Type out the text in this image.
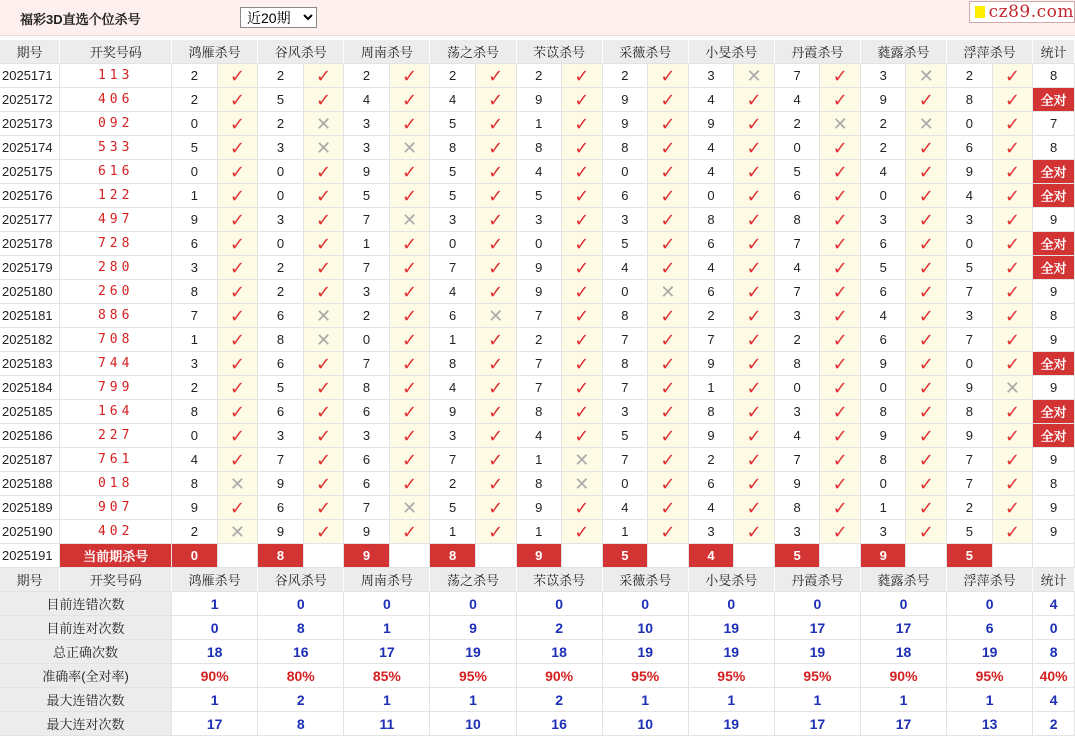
福彩3D直选个位杀号
近20期	cz89.com
期号	开奖号码	鸿雁杀号		谷风杀号		周南杀号		荡之杀号		芣苡杀号		采薇杀号		小旻杀号		丹霞杀号		蕤露杀号		浮萍杀号		统计
2025171	113	2	✓	2	✓	2	✓	2	✓	2	✓	2	✓	3	✕	7	✓	3	✕	2	✓	8
2025172	406	2	✓	5	✓	4	✓	4	✓	9	✓	9	✓	4	✓	4	✓	9	✓	8	✓	全对
2025173	092	0	✓	2	✕	3	✓	5	✓	1	✓	9	✓	9	✓	2	✕	2	✕	0	✓	7
2025174	533	5	✓	3	✕	3	✕	8	✓	8	✓	8	✓	4	✓	0	✓	2	✓	6	✓	8
2025175	616	0	✓	0	✓	9	✓	5	✓	4	✓	0	✓	4	✓	5	✓	4	✓	9	✓	全对
2025176	122	1	✓	0	✓	5	✓	5	✓	5	✓	6	✓	0	✓	6	✓	0	✓	4	✓	全对
2025177	497	9	✓	3	✓	7	✕	3	✓	3	✓	3	✓	8	✓	8	✓	3	✓	3	✓	9
2025178	728	6	✓	0	✓	1	✓	0	✓	0	✓	5	✓	6	✓	7	✓	6	✓	0	✓	全对
2025179	280	3	✓	2	✓	7	✓	7	✓	9	✓	4	✓	4	✓	4	✓	5	✓	5	✓	全对
2025180	260	8	✓	2	✓	3	✓	4	✓	9	✓	0	✕	6	✓	7	✓	6	✓	7	✓	9
2025181	886	7	✓	6	✕	2	✓	6	✕	7	✓	8	✓	2	✓	3	✓	4	✓	3	✓	8
2025182	708	1	✓	8	✕	0	✓	1	✓	2	✓	7	✓	7	✓	2	✓	6	✓	7	✓	9
2025183	744	3	✓	6	✓	7	✓	8	✓	7	✓	8	✓	9	✓	8	✓	9	✓	0	✓	全对
2025184	799	2	✓	5	✓	8	✓	4	✓	7	✓	7	✓	1	✓	0	✓	0	✓	9	✕	9
2025185	164	8	✓	6	✓	6	✓	9	✓	8	✓	3	✓	8	✓	3	✓	8	✓	8	✓	全对
2025186	227	0	✓	3	✓	3	✓	3	✓	4	✓	5	✓	9	✓	4	✓	9	✓	9	✓	全对
2025187	761	4	✓	7	✓	6	✓	7	✓	1	✕	7	✓	2	✓	7	✓	8	✓	7	✓	9
2025188	018	8	✕	9	✓	6	✓	2	✓	8	✕	0	✓	6	✓	9	✓	0	✓	7	✓	8
2025189	907	9	✓	6	✓	7	✕	5	✓	9	✓	4	✓	4	✓	8	✓	1	✓	2	✓	9
2025190	402	2	✕	9	✓	9	✓	1	✓	1	✓	1	✓	3	✓	3	✓	3	✓	5	✓	9
2025191	当前期杀号	0		8		9		8		9		5		4		5		9		5		
期号	开奖号码	鸿雁杀号		谷风杀号		周南杀号		荡之杀号		芣苡杀号		采薇杀号		小旻杀号		丹霞杀号		蕤露杀号		浮萍杀号		统计
目前连错次数		1		0		0		0		0		0		0		0		0		0		4
目前连对次数		0		8		1		9		2		10		19		17		17		6		0
总正确次数		18		16		17		19		18		19		19		19		18		19		8
准确率(全对率)		90%		80%		85%		95%		90%		95%		95%		95%		90%		95%		40%
最大连错次数		1		2		1		1		2		1		1		1		1		1		4
最大连对次数		17		8		11		10		16		10		19		17		17		13		2
